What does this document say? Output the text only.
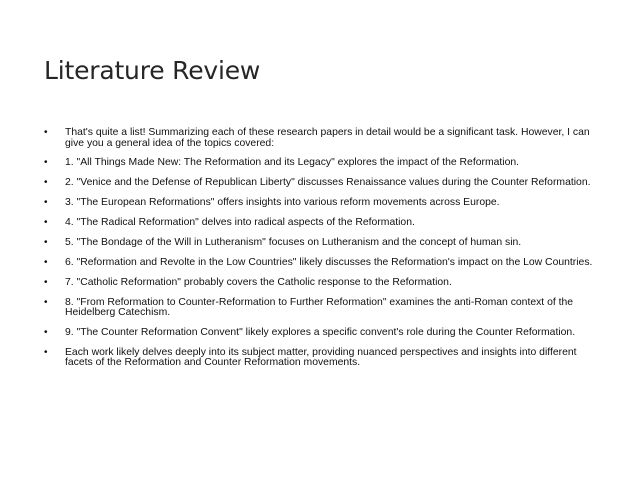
Literature Review
•	That's quite a list! Summarizing each of these research papers in detail would be a significant task. However, I can give you a general idea of the topics covered:
•	1. "All Things Made New: The Reformation and its Legacy" explores the impact of the Reformation.
•	2. "Venice and the Defense of Republican Liberty" discusses Renaissance values during the Counter Reformation.
•	3. "The European Reformations" offers insights into various reform movements across Europe.
•	4. "The Radical Reformation" delves into radical aspects of the Reformation.
•	5. "The Bondage of the Will in Lutheranism" focuses on Lutheranism and the concept of human sin.
•	6. "Reformation and Revolte in the Low Countries" likely discusses the Reformation's impact on the Low Countries.
•	7. "Catholic Reformation" probably covers the Catholic response to the Reformation.
•	8. "From Reformation to Counter-Reformation to Further Reformation" examines the anti-Roman context of the Heidelberg Catechism.
•	9. "The Counter Reformation Convent" likely explores a specific convent's role during the Counter Reformation.
•	Each work likely delves deeply into its subject matter, providing nuanced perspectives and insights into different facets of the Reformation and Counter Reformation movements.
